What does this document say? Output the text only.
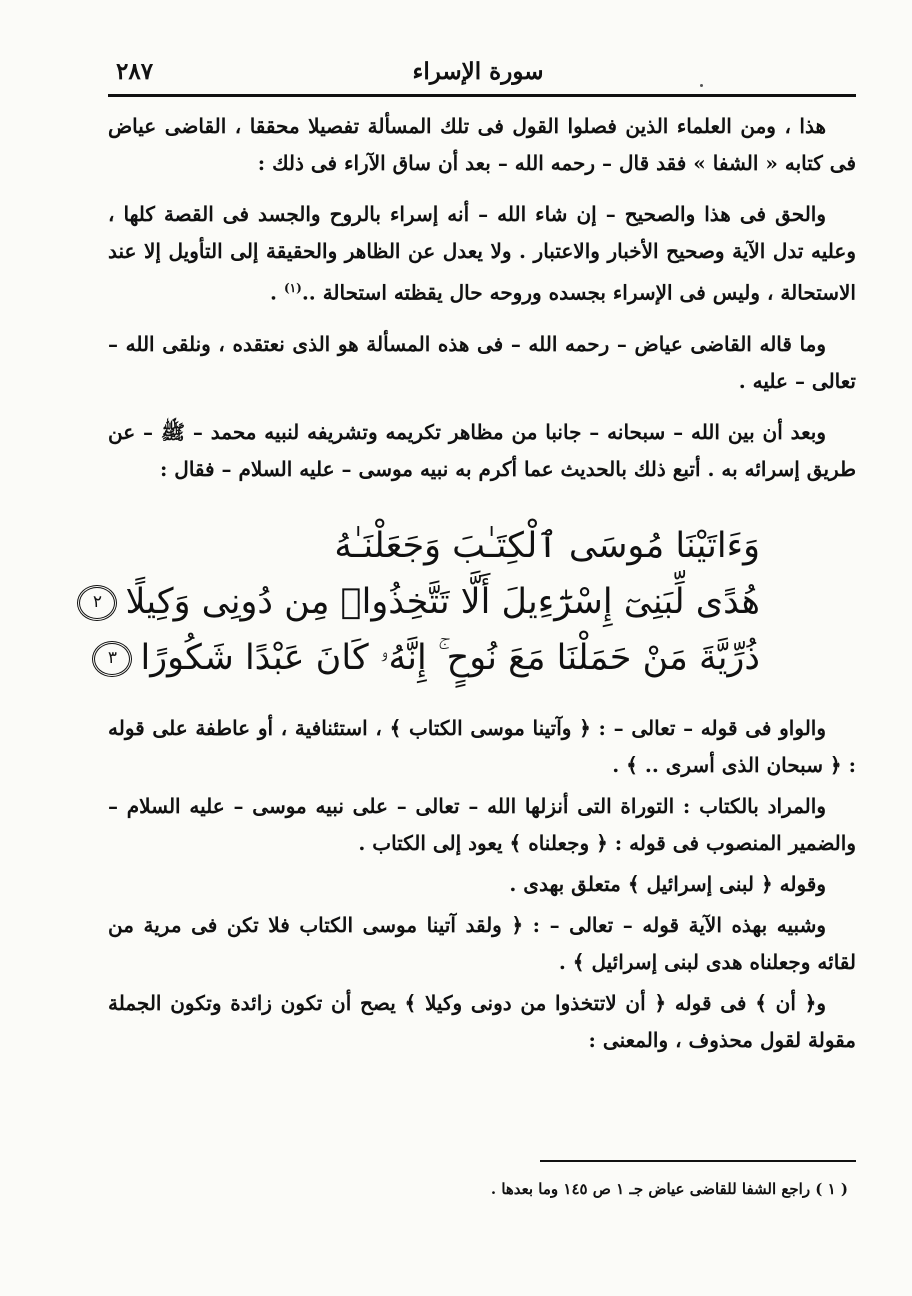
سورة الإسراء
٢٨٧

هذا ، ومن العلماء الذين فصلوا القول فى تلك المسألة تفصيلا محققا ، القاضى عياض فى كتابه « الشفا » فقد قال – رحمه الله – بعد أن ساق الآراء فى ذلك :

والحق فى هذا والصحيح – إن شاء الله – أنه إسراء بالروح والجسد فى القصة كلها ، وعليه تدل الآية وصحيح الأخبار والاعتبار . ولا يعدل عن الظاهر والحقيقة إلى التأويل إلا عند الاستحالة ، وليس فى الإسراء بجسده وروحه حال يقظته استحالة ..$^{(١)}$ .

وما قاله القاضى عياض – رحمه الله – فى هذه المسألة هو الذى نعتقده ، ونلقى الله – تعالى – عليه .

وبعد أن بين الله – سبحانه – جانبا من مظاهر تكريمه وتشريفه لنبيه محمد – ﷺ – عن طريق إسرائه به . أتبع ذلك بالحديث عما أكرم به نبيه موسى – عليه السلام – فقال :

وَءَاتَيْنَا مُوسَى ٱلْكِتَـٰبَ وَجَعَلْنَـٰهُ
هُدًى لِّبَنِىٓ إِسْرَٰٓءِيلَ أَلَّا تَتَّخِذُوا۟ مِن دُونِى وَكِيلًا٢
ذُرِّيَّةَ مَنْ حَمَلْنَا مَعَ نُوحٍ ۚ إِنَّهُۥ كَانَ عَبْدًا شَكُورًا٣

والواو فى قوله – تعالى – : ﴿ وآتينا موسى الكتاب ﴾ ، استئنافية ، أو عاطفة على قوله : ﴿ سبحان الذى أسرى .. ﴾ .

والمراد بالكتاب : التوراة التى أنزلها الله – تعالى – على نبيه موسى – عليه السلام – والضمير المنصوب فى قوله : ﴿ وجعلناه ﴾ يعود إلى الكتاب .

وقوله ﴿ لبنى إسرائيل ﴾ متعلق بهدى .

وشبيه بهذه الآية قوله – تعالى – : ﴿ ولقد آتينا موسى الكتاب فلا تكن فى مرية من لقائه وجعلناه هدى لبنى إسرائيل ﴾ .

و﴿ أن ﴾ فى قوله ﴿ أن لاتتخذوا من دونى وكيلا ﴾ يصح أن تكون زائدة وتكون الجملة مقولة لقول محذوف ، والمعنى :

( ١ ) راجع الشفا للقاضى عياض جـ ١ ص ١٤٥ وما بعدها .
